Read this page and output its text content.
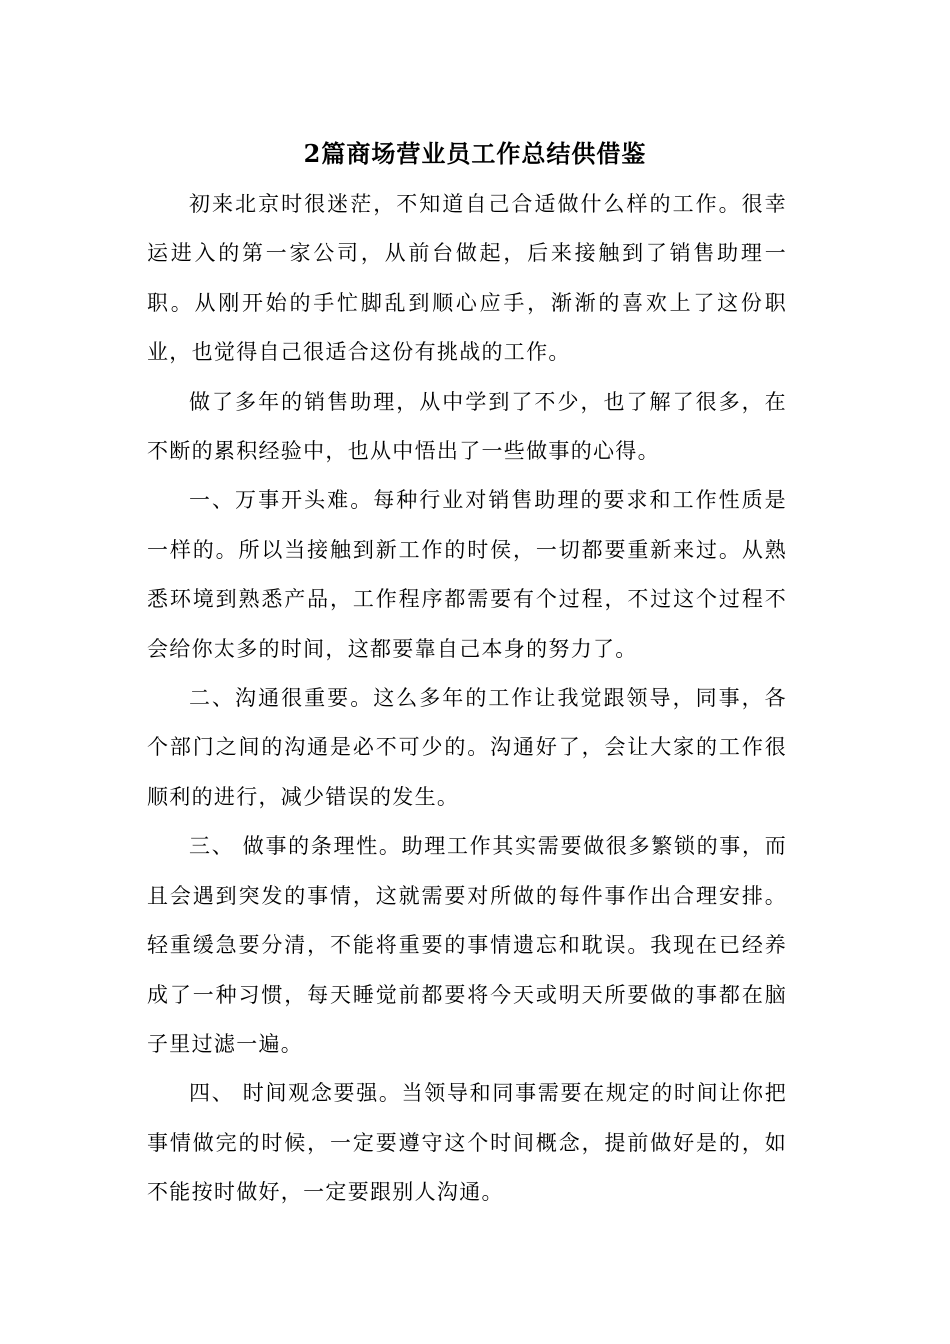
2篇商场营业员工作总结供借鉴

初来北京时很迷茫，不知道自己合适做什么样的工作。很幸运进入的第一家公司，从前台做起，后来接触到了销售助理一职。从刚开始的手忙脚乱到顺心应手，渐渐的喜欢上了这份职业，也觉得自己很适合这份有挑战的工作。

做了多年的销售助理，从中学到了不少，也了解了很多，在不断的累积经验中，也从中悟出了一些做事的心得。

一、万事开头难。每种行业对销售助理的要求和工作性质是一样的。所以当接触到新工作的时侯，一切都要重新来过。从熟悉环境到熟悉产品，工作程序都需要有个过程，不过这个过程不会给你太多的时间，这都要靠自己本身的努力了。

二、沟通很重要。这么多年的工作让我觉跟领导，同事，各个部门之间的沟通是必不可少的。沟通好了，会让大家的工作很顺利的进行，减少错误的发生。

三、 做事的条理性。助理工作其实需要做很多繁锁的事，而且会遇到突发的事情，这就需要对所做的每件事作出合理安排。轻重缓急要分清，不能将重要的事情遗忘和耽误。我现在已经养成了一种习惯，每天睡觉前都要将今天或明天所要做的事都在脑子里过滤一遍。

四、 时间观念要强。当领导和同事需要在规定的时间让你把事情做完的时候，一定要遵守这个时间概念，提前做好是的，如不能按时做好，一定要跟别人沟通。
